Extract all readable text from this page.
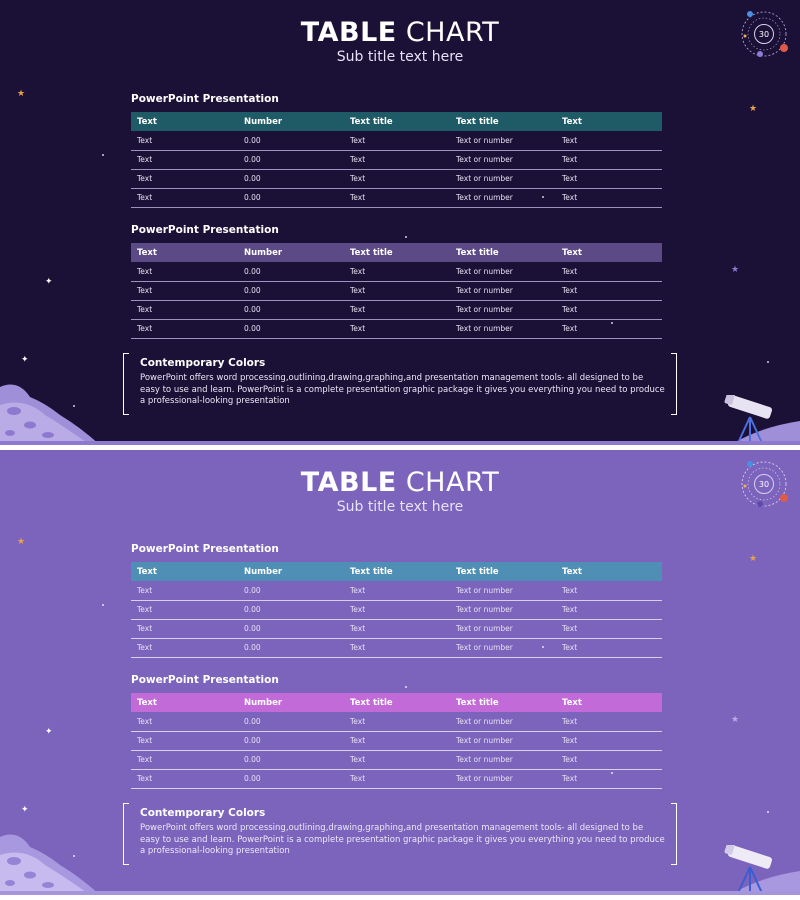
TABLE CHART
Sub title text here
30
PowerPoint Presentation
Text	Number	Text title	Text title	Text
Text	0.00	Text	Text or number	Text
Text	0.00	Text	Text or number	Text
Text	0.00	Text	Text or number	Text
Text	0.00	Text	Text or number	Text
PowerPoint Presentation
Text	Number	Text title	Text title	Text
Text	0.00	Text	Text or number	Text
Text	0.00	Text	Text or number	Text
Text	0.00	Text	Text or number	Text
Text	0.00	Text	Text or number	Text
Contemporary Colors
PowerPoint offers word processing,outlining,drawing,graphing,and presentation management tools- all designed to be easy to use and learn. PowerPoint is a complete presentation graphic package it gives you everything you need to produce a professional-looking presentation
★
★
✦
✦
★
TABLE CHART
Sub title text here
30
PowerPoint Presentation
Text	Number	Text title	Text title	Text
Text	0.00	Text	Text or number	Text
Text	0.00	Text	Text or number	Text
Text	0.00	Text	Text or number	Text
Text	0.00	Text	Text or number	Text
PowerPoint Presentation
Text	Number	Text title	Text title	Text
Text	0.00	Text	Text or number	Text
Text	0.00	Text	Text or number	Text
Text	0.00	Text	Text or number	Text
Text	0.00	Text	Text or number	Text
Contemporary Colors
PowerPoint offers word processing,outlining,drawing,graphing,and presentation management tools- all designed to be easy to use and learn. PowerPoint is a complete presentation graphic package it gives you everything you need to produce a professional-looking presentation
★
★
✦
✦
★
